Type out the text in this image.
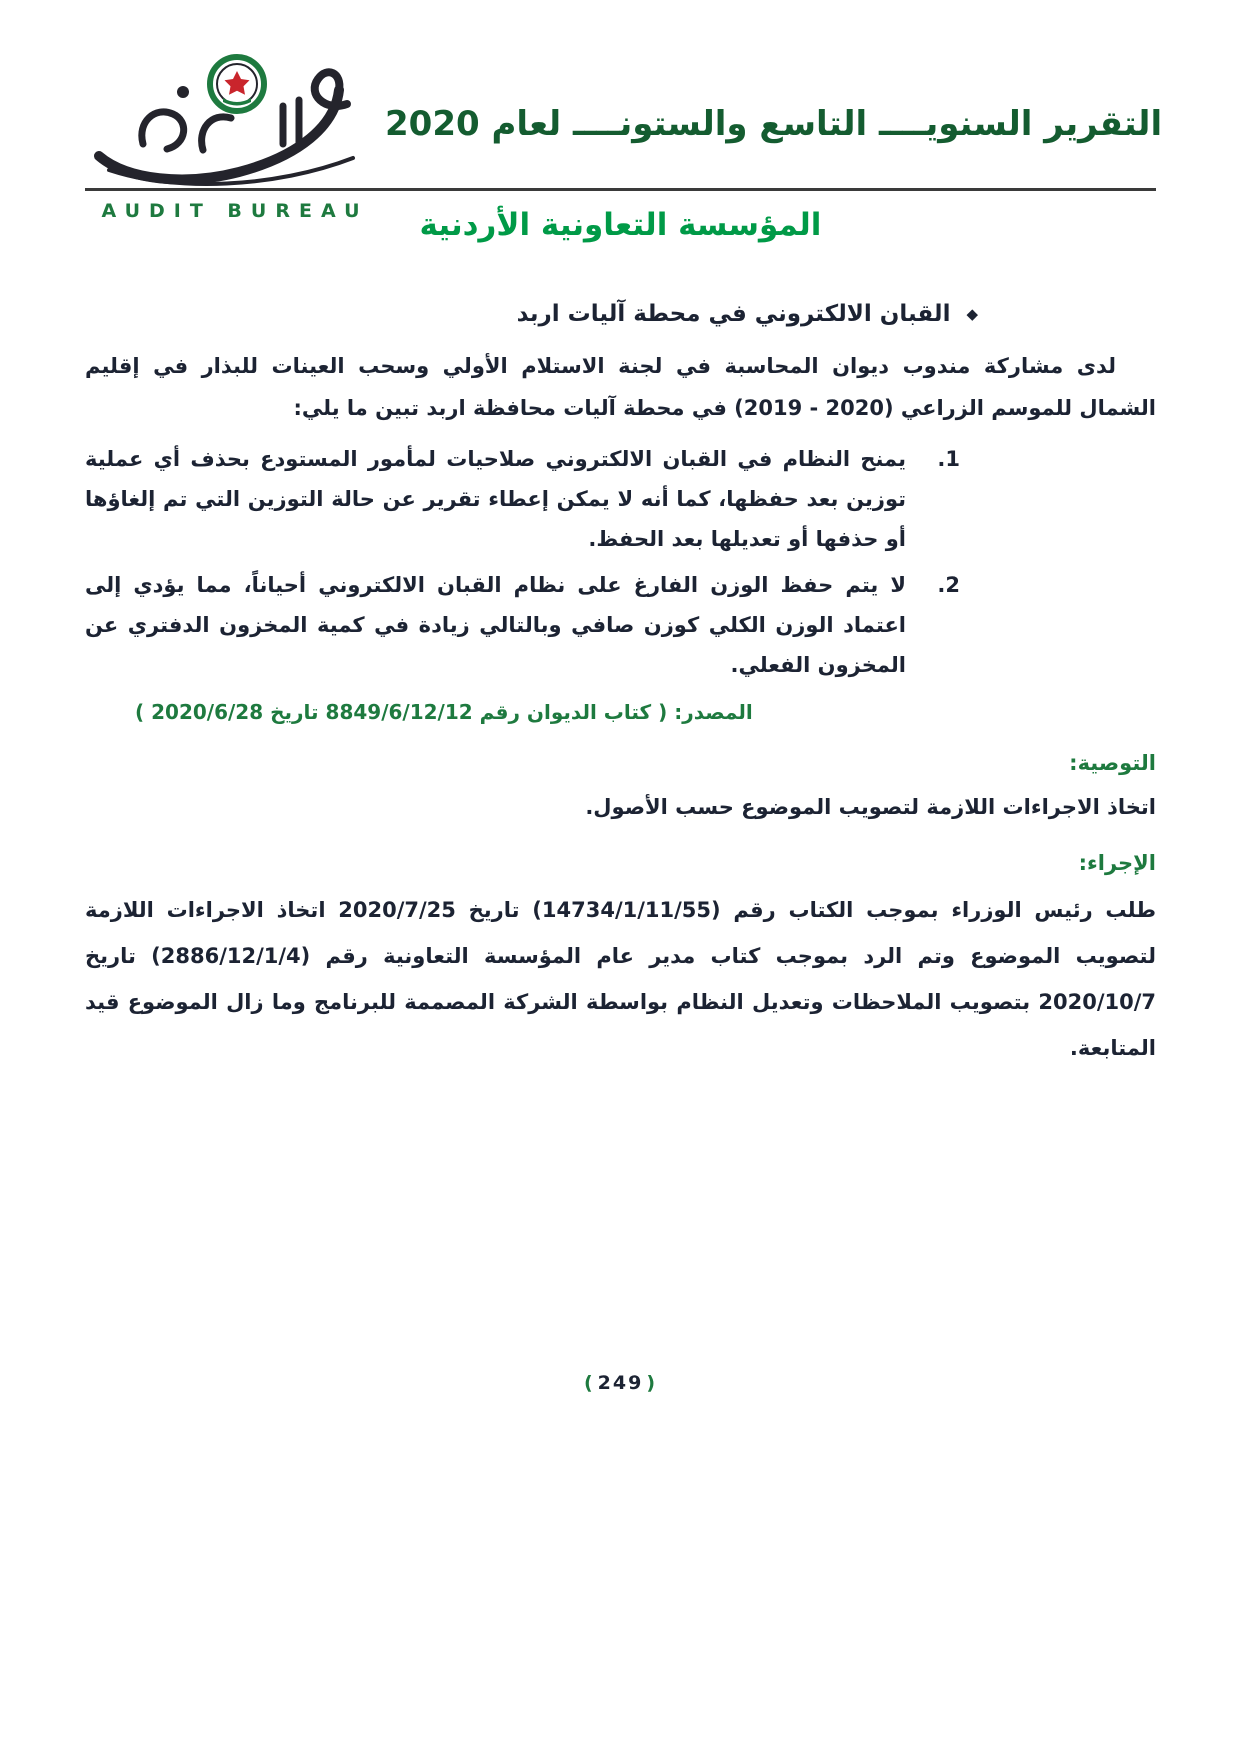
AUDIT BUREAU
التقرير السنويــــ التاسع والستونــــ لعام 2020
المؤسسة التعاونية الأردنية
◆
القبان الالكتروني في محطة آليات اربد

لدى مشاركة مندوب ديوان المحاسبة في لجنة الاستلام الأولي وسحب العينات للبذار في إقليم الشمال للموسم الزراعي ⁦(2019 - 2020)⁩ في محطة آليات محافظة اربد تبين ما يلي:

1.

يمنح النظام في القبان الالكتروني صلاحيات لمأمور المستودع بحذف أي عملية توزين بعد حفظها، كما أنه لا يمكن إعطاء تقرير عن حالة التوزين التي تم إلغاؤها أو حذفها أو تعديلها بعد الحفظ.

2.

لا يتم حفظ الوزن الفارغ على نظام القبان الالكتروني أحياناً، مما يؤدي إلى اعتماد الوزن الكلي كوزن صافي وبالتالي زيادة في كمية المخزون الدفتري عن المخزون الفعلي.

المصدر: ( كتاب الديوان رقم 8849/6/12/12 تاريخ 2020/6/28 )

التوصية:

اتخاذ الاجراءات اللازمة لتصويب الموضوع حسب الأصول.

الإجراء:

طلب رئيس الوزراء بموجب الكتاب رقم (14734/1/11/55) تاريخ 2020/7/25 اتخاذ الاجراءات اللازمة لتصويب الموضوع وتم الرد بموجب كتاب مدير عام المؤسسة التعاونية رقم (2886/12/1/4) تاريخ 2020/10/7 بتصويب الملاحظات وتعديل النظام بواسطة الشركة المصممة للبرنامج وما زال الموضوع قيد المتابعة.

( 249 )
